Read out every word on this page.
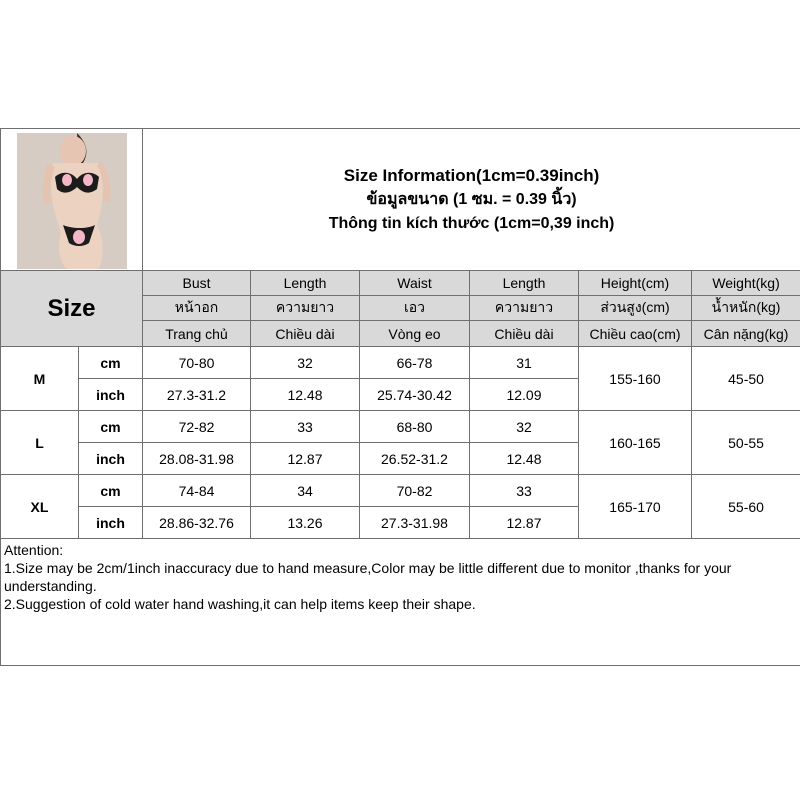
Size Information(1cm=0.39inch)
ข้อมูลขนาด (1 ซม. = 0.39 นิ้ว)
Thông tin kích thước (1cm=0,39 inch)					

Size		Bust	Length	Waist	Length	Height(cm)	Weight(kg)
		หน้าอก	ความยาว	เอว	ความยาว	ส่วนสูง(cm)	น้ำหนัก(kg)
		Trang chủ	Chiều dài	Vòng eo	Chiều dài	Chiều cao(cm)	Cân nặng(kg)
M	cm	70-80	32	66-78	31	155-160	45-50
	inch	27.3-31.2	12.48	25.74-30.42	12.09		
L	cm	72-82	33	68-80	32	160-165	50-55
	inch	28.08-31.98	12.87	26.52-31.2	12.48		
XL	cm	74-84	34	70-82	33	165-170	55-60
	inch	28.86-32.76	13.26	27.3-31.98	12.87		

Attention:
1.Size may be 2cm/1inch inaccuracy due to hand measure,Color may be little different due to monitor ,thanks for your understanding.
2.Suggestion of cold water hand washing,it can help items keep their shape.							
